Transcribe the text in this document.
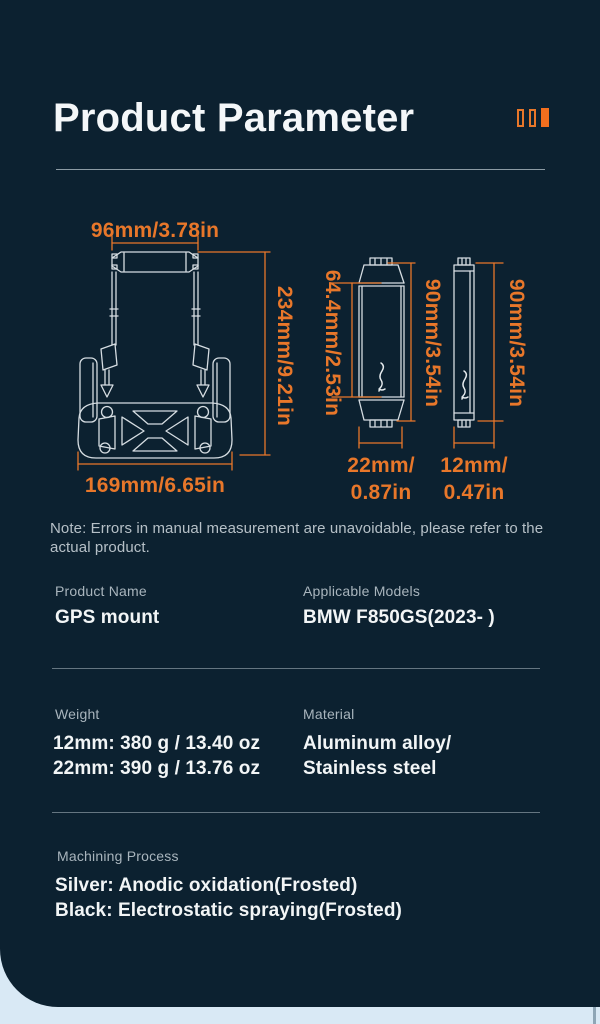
Product Parameter
96mm/3.78in
234mm/9.21in
169mm/6.65in
64.4mm/2.53in	90mm/3.54in	90mm/3.54in
22mm/
0.87in
12mm/
0.47in

Note: Errors in manual measurement are unavoidable, please refer to the actual product.

Product Name
GPS mount
Applicable Models
BMW F850GS(2023- )
Weight
12mm: 380 g / 13.40 oz
22mm: 390 g / 13.76 oz
Material
Aluminum alloy/
Stainless steel
Machining Process
Silver: Anodic oxidation(Frosted)
Black: Electrostatic spraying(Frosted)
